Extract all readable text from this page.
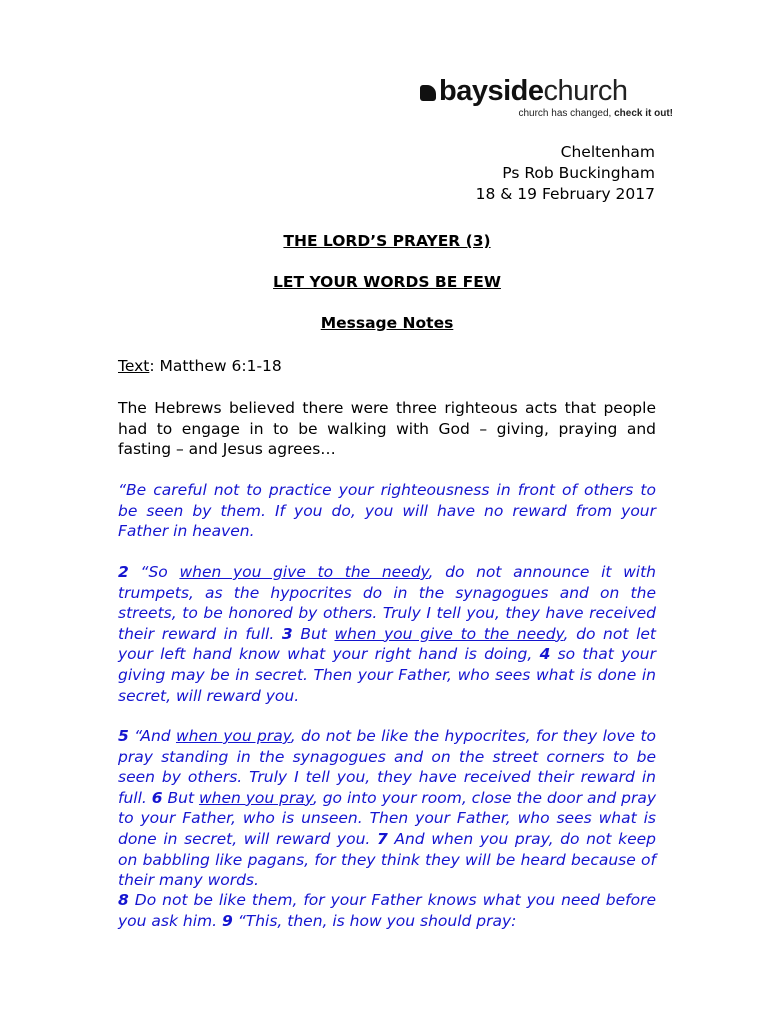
baysidechurch
church has changed, check it out!
Cheltenham
Ps Rob Buckingham
18 & 19 February 2017
THE LORD’S PRAYER (3)
LET YOUR WORDS BE FEW
Message Notes
Text: Matthew 6:1-18
The Hebrews believed there were three righteous acts that people had to engage in to be walking with God – giving, praying and fasting – and Jesus agrees…
“Be careful not to practice your righteousness in front of others to be seen by them. If you do, you will have no reward from your Father in heaven.
2 “So when you give to the needy, do not announce it with trumpets, as the hypocrites do in the synagogues and on the streets, to be honored by others. Truly I tell you, they have received their reward in full. 3 But when you give to the needy, do not let your left hand know what your right hand is doing, 4 so that your giving may be in secret. Then your Father, who sees what is done in secret, will reward you.
5 “And when you pray, do not be like the hypocrites, for they love to pray standing in the synagogues and on the street corners to be seen by others. Truly I tell you, they have received their reward in full. 6 But when you pray, go into your room, close the door and pray to your Father, who is unseen. Then your Father, who sees what is done in secret, will reward you. 7 And when you pray, do not keep on babbling like pagans, for they think they will be heard because of their many words.
8 Do not be like them, for your Father knows what you need before you ask him. 9 “This, then, is how you should pray:
